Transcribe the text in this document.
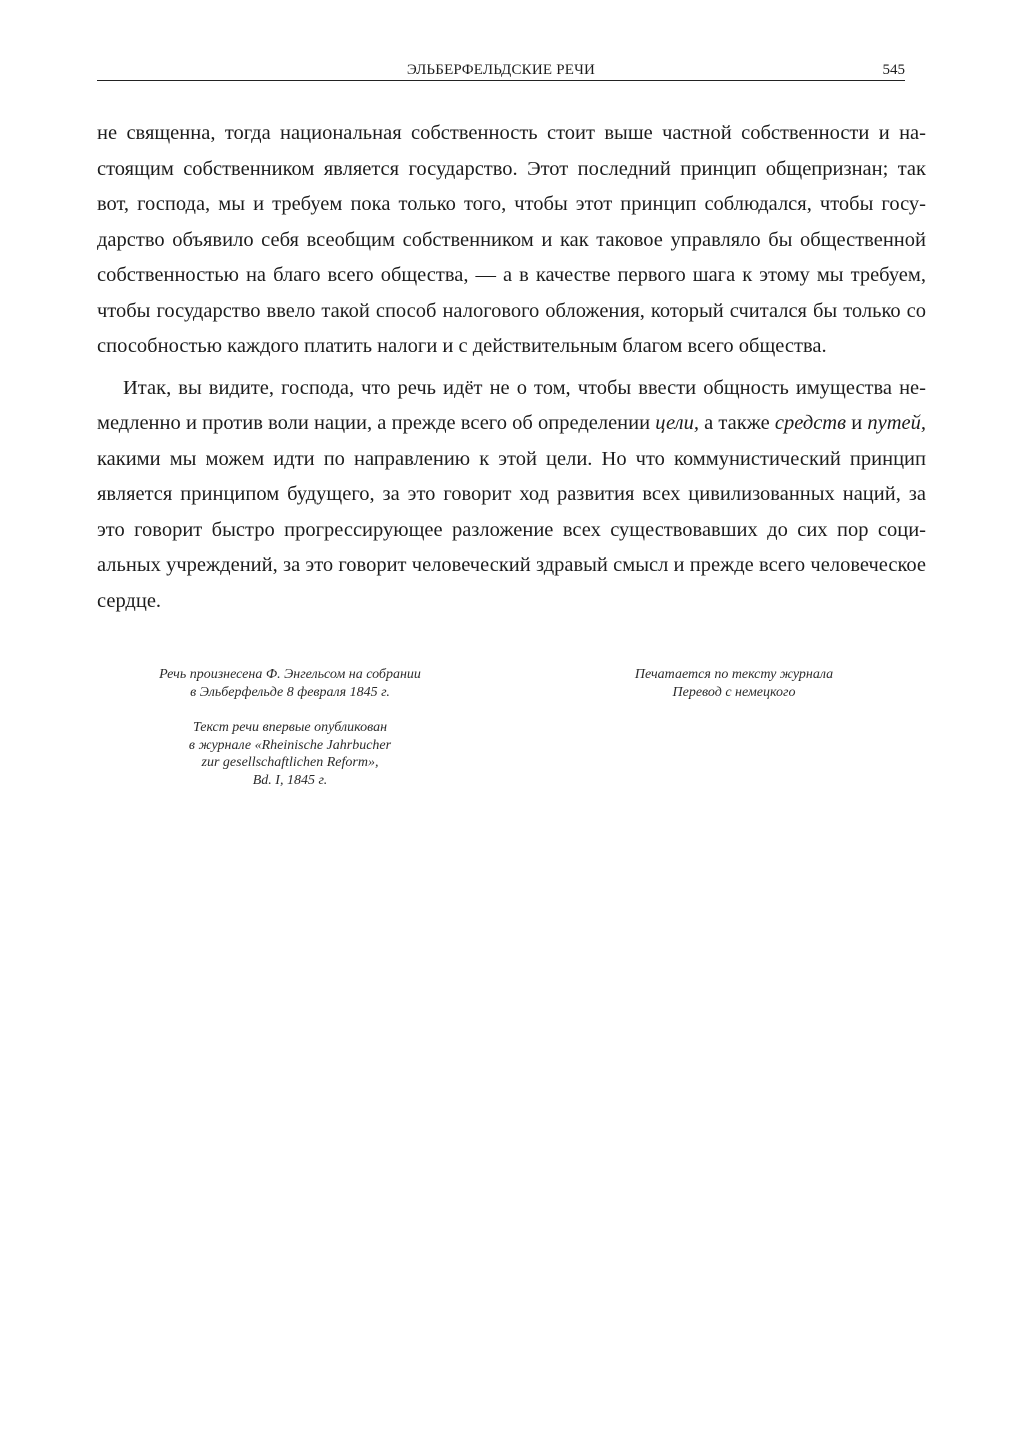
ЭЛЬБЕРФЕЛЬДСКИЕ РЕЧИ	545

не священна, тогда национальная собственность стоит выше частной собственности и настоящим собственником является государство. Этот последний принцип общепризнан; так вот, господа, мы и требуем пока только того, чтобы этот принцип соблюдался, чтобы государство объявило себя всеобщим собственником и как таковое управляло бы общественной собственностью на благо всего общества, — а в качестве первого шага к этому мы требуем, чтобы государство ввело такой способ налогового обложения, который считался бы только со способностью каждого платить налоги и с действительным благом всего общества.

Итак, вы видите, господа, что речь идёт не о том, чтобы ввести общность имущества немедленно и против воли нации, а прежде всего об определении цели, а также средств и путей, какими мы можем идти по направлению к этой цели. Но что коммунистический принцип является принципом будущего, за это говорит ход развития всех цивилизованных наций, за это говорит быстро прогрессирующее разложение всех существовавших до сих пор социальных учреждений, за это говорит человеческий здравый смысл и прежде всего человеческое сердце.

Речь произнесена Ф. Энгельсом на собрании

в Эльберфельде 8 февраля 1845 г.

Текст речи впервые опубликован

в журнале «Rheinische Jahrbucher

zur gesellschaftlichen Reform»,

Bd. I, 1845 г.

Печатается по тексту журнала

Перевод с немецкого
